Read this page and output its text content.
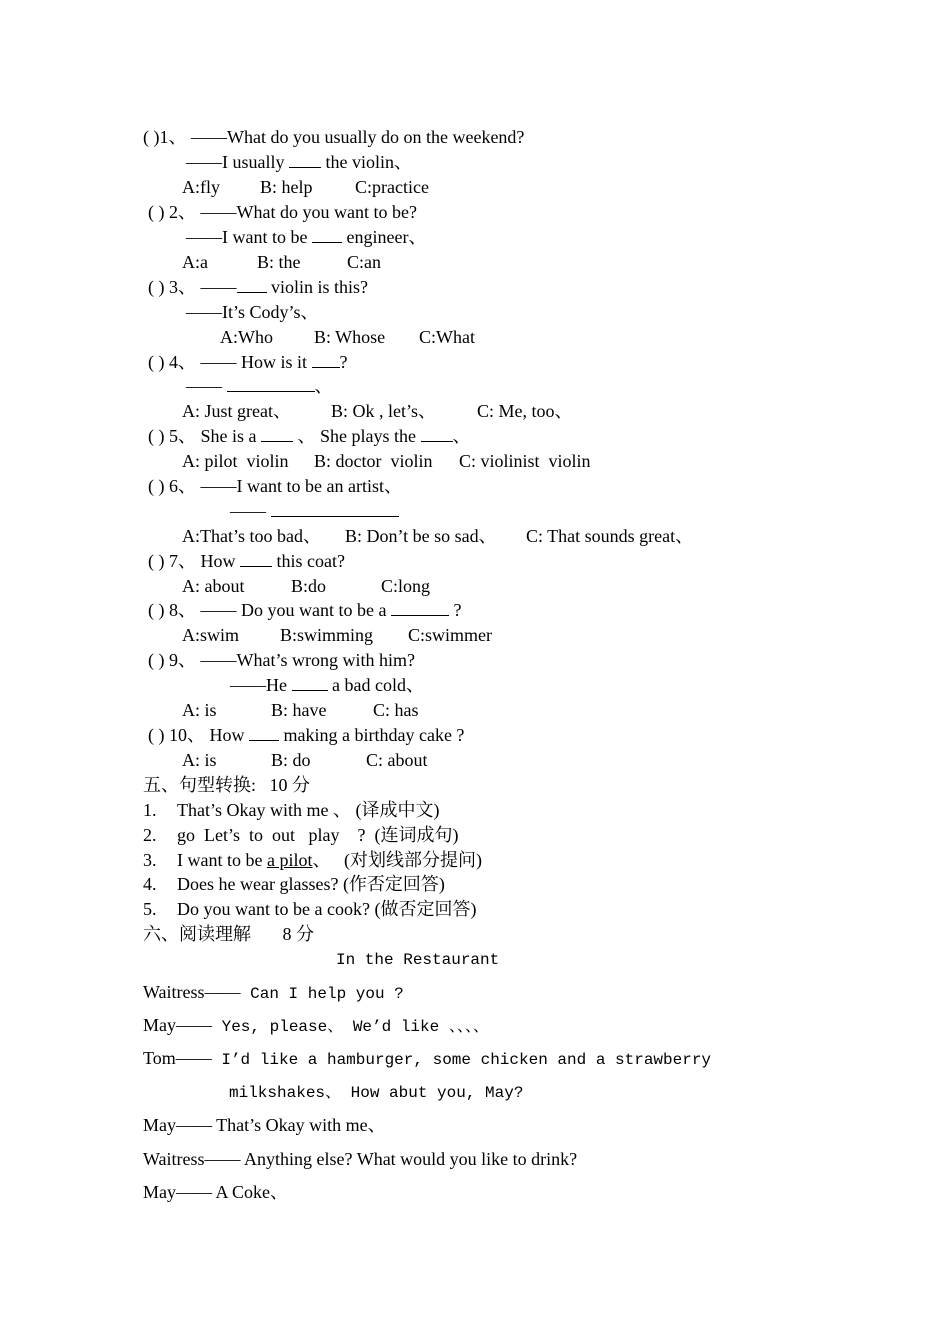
( )1、 ——What do you usually do on the weekend?
——I usually  the violin、
A:fly B: help C:practice
( ) 2、 ——What do you want to be?
——I want to be  engineer、
A:a	B: the	C:an
( ) 3、 —— violin is this?
——It’s Cody’s、
A:Who B: Whose C:What
( ) 4、 —— How is it ?
——	、
A: Just great、 B: Ok , let’s、 C: Me, too、
( ) 5、 She is a  、 She plays the 、
A: pilot  violin B: doctor  violin C: violinist  violin
( ) 6、 ——I want to be an artist、
——
A:That’s too bad、 B: Don’t be so sad、 C: That sounds great、
( ) 7、 How  this coat?
A: about	B:do	C:long
( ) 8、 —— Do you want to be a	?
A:swim B:swimming C:swimmer
( ) 9、 ——What’s wrong with him?
——He  a bad cold、
A: is	B: have	C: has
( ) 10、 How  making a birthday cake ?
A: is	B: do	C: about
五、句型转换:   10 分
1. That’s Okay with me 、 (译成中文)
2. go  Let’s  to  out   play    ?  (连词成句)
3. I want to be a pilot、   (对划线部分提问)
4. Does he wear glasses? (作否定回答)
5. Do you want to be a cook? (做否定回答)
六、阅读理解       8 分
In the Restaurant
Waitress—— Can I help you ?
May—— Yes, please、 We’d like 、、、、
Tom—— I’d like a hamburger, some chicken and a strawberry
milkshakes、 How abut you, May?
May—— That’s Okay with me、
Waitress—— Anything else? What would you like to drink?
May—— A Coke、
